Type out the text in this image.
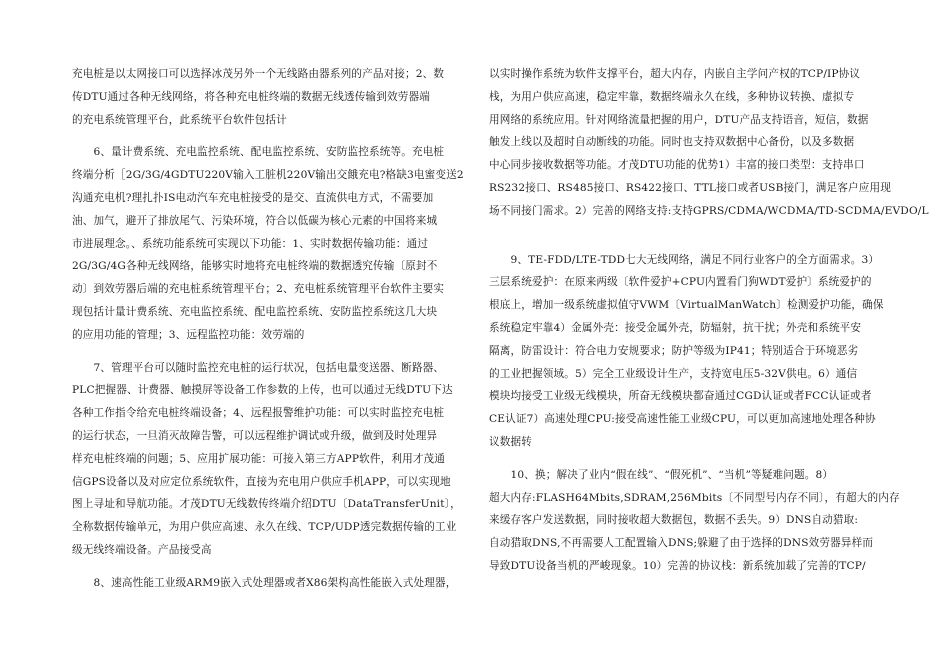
充电桩是以太网接口可以选择冰茂另外一个无线路由器系列的产品对接；2、数
传DTU通过各种无线网络，将各种充电桩终端的数据无线透传输到效劳器端
的充电系统管理平台，此系统平台软件包括计
　　6、量计费系统、充电监控系统、配电监控系统、安防监控系统等。充电桩
终端分析［2G/3G/4GDTU220V输入工脏机220V输出交餓充电?格缺3电蜜变送2
沟通充电机?理扎扑IS电动汽车充电桩接受的是交、直流供电方式，不需要加
油、加气，避开了排放尾气、污染环境，符合以低碳为核心元素的中国将来城
市进展理念。、系统功能系统可实现以下功能：1、实时数据传输功能：通过
2G/3G/4G各种无线网络，能够实时地将充电桩终端的数据透究传输〔原封不
动〕到效劳器后端的充电桩系统管理平台；2、充电桩系统管理平台软件主要实
现包括计量计费系统、充电监控系统、配电监控系统、安防监控系统这几大块
的应用功能的管理；3、远程监控功能：效劳端的
　　7、管理平台可以随时监控充电桩的运行状况，包括电量变送器、断路器、
PLC把握器、计费器、触摸屏等设备工作参数的上传，也可以通过无线DTU下达
各种工作指令给充电桩终端设备；4、远程报警维护功能：可以实时监控充电桩
的运行状态，一旦消灭故障告警，可以远程维护调试或升级，做到及时处理异
样充电桩终端的问题；5、应用扩展功能：可接入第三方APP软件，利用才茂通
信GPS设备以及对应定位系统软件，直接为充电用户供应手机APP，可以实现地
图上寻址和导航功能。才茂DTU无线数传终端介绍DTU〔DataTransferUnit〕，
全称数据传输单元，为用户供应高速、永久在线、TCP/UDP透完数据传输的工业
级无线终端设备。产品接受高
　　8、速高性能工业级ARM9嵌入式处理器或者X86架构高性能嵌入式处理器，
以实时操作系统为软件支撑平台，超大内存，内嵌自主学问产权的TCP/IP协议
栈，为用户供应高速，稳定牢靠，数据终端永久在线，多种协议转换、虚拟专
用网络的系统应用。针对网络流量把握的用户，DTU产品支持语音，短信，数据
触发上线以及超时自动断线的功能。同时也支持双数据中心备份，以及多数据
中心同步接收数据等功能。才茂DTU功能的优势1）丰富的接口类型：支持串口
RS232接口、RS485接口、RS422接口、TTL接口或者USB接门，满足客户应用现
场不同接门需求。2）完善的网络支持:支持GPRS/CDMA/WCDMA/TD-SCDMA/EVDO/L
　　9、TE-FDD/LTE-TDD七大无线网络，满足不同行业客户的全方面需求。3）
三层系统爱护：在原来两级〔软件爱护+CPU内置看门狗WDT爱护〕系统爱护的
根底上，增加一级系统虚拟值守VWM〔VirtualManWatch〕检测爱护功能，确保
系统稳定牢靠4）金属外壳：接受金属外壳，防辐射，抗干扰；外壳和系统平安
隔离，防雷设计：符合电力安规要求；防护等级为IP41；特别适合于环境恶劣
的工业把握领域。5）完全工业级设计生产，支持宽电压5-32V供电。6）通信
模块均接受工业级无线模块，所奋无线模块都奋通过CGD认证或者FCC认证或者
CE认证7）高速处理CPU:接受高速性能工业级CPU，可以更加高速地处理各种协
议数据转
　　10、换；解决了业内“假在线”、“假死机”、“当机”等疑难问题。8）
超大内存:FLASH64Mbits,SDRAM,256Mbits〔不同型号内存不同〕，有超大的内存
来缓存客户发送数据，同时接收超大数据包，数据不丢失。9）DNS自动猎取:
自动猎取DNS,不再需要人工配置输入DNS;躲避了由于选择的DNS效劳器异样而
导致DTU设备当机的严峻现象。10）完善的协议栈：新系统加载了完善的TCP/
